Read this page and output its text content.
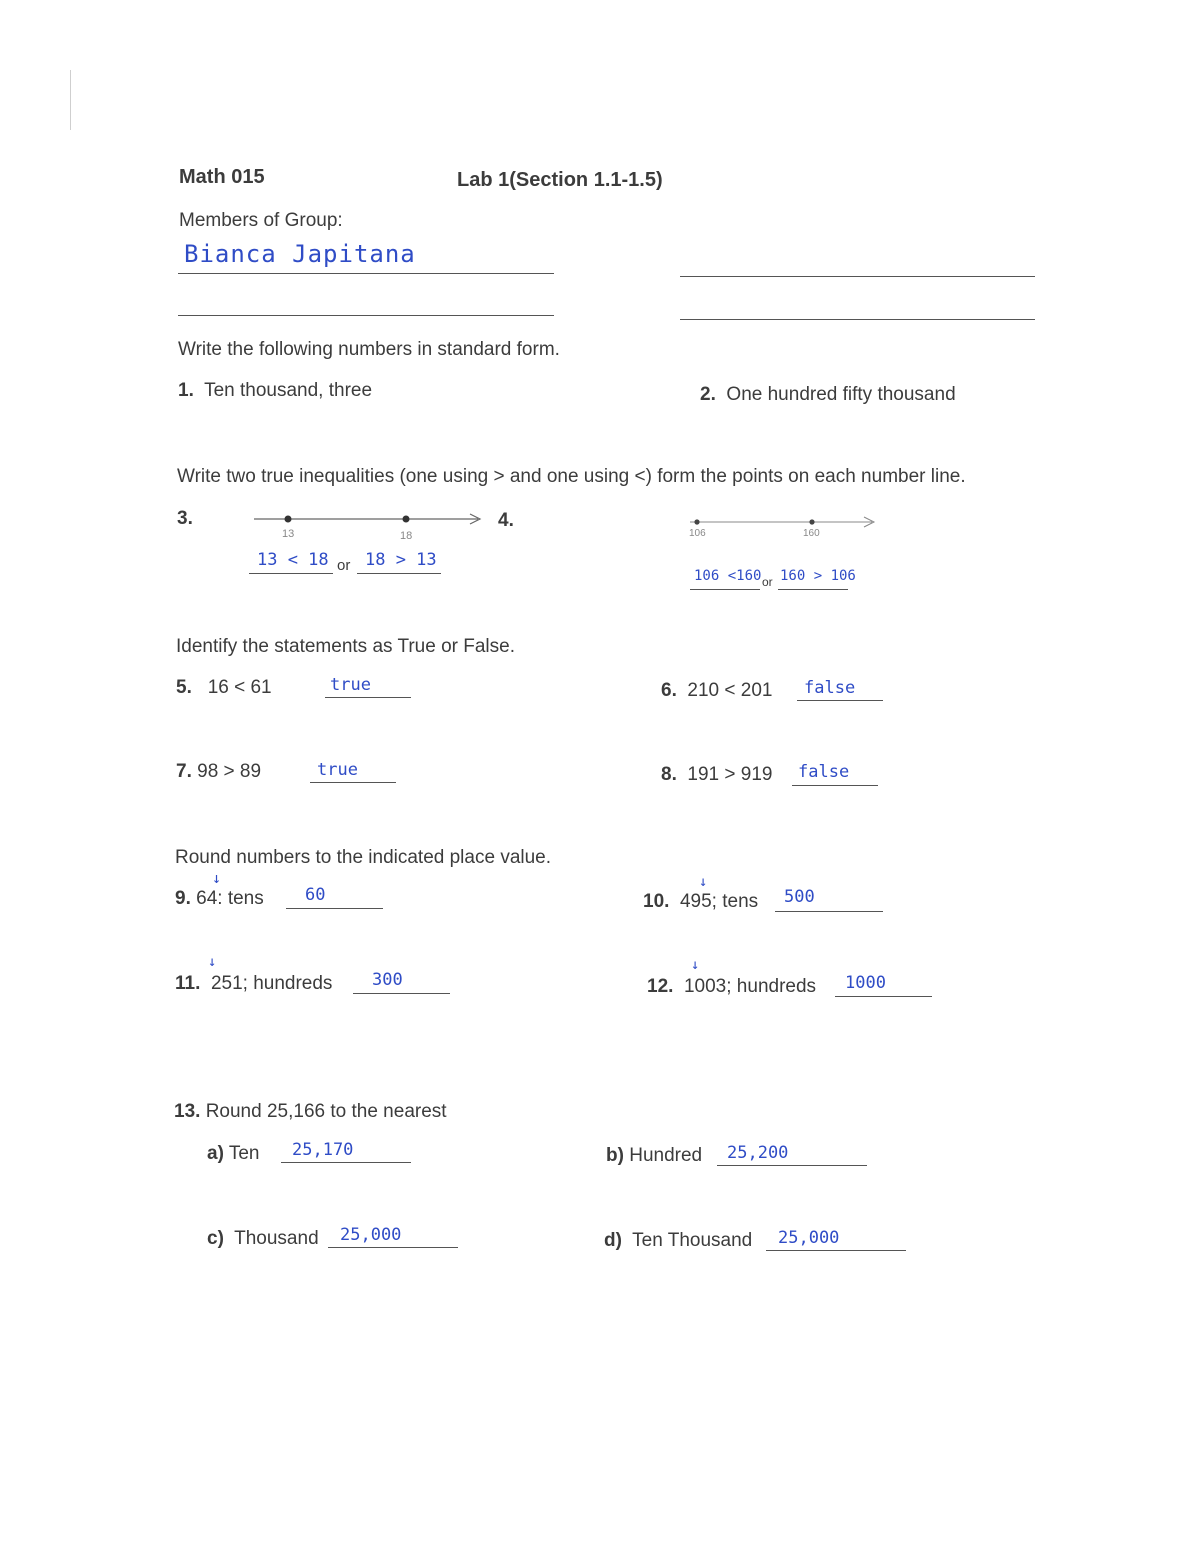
Math 015	Lab 1(Section 1.1-1.5)
Members of Group:
Bianca Japitana
Write the following numbers in standard form.
1. Ten thousand, three	2. One hundred fifty thousand
Write two true inequalities (one using > and one using <) form the points on each number line.
3.
13	18
13 < 18 or 18 > 13
4.
106	160
106 <160 or 160 > 106
Identify the statements as True or False.
5. 16 < 61	true	6. 210 < 201 false
7. 98 > 89	true	8. 191 > 919 false
Round numbers to the indicated place value.
↓
9. 64: tens 60
↓
10. 495; tens 500
↓
11. 251; hundreds 300
↓
12. 1003; hundreds 1000
13. Round 25,166 to the nearest
a) Ten 25,170	b) Hundred 25,200
c) Thousand 25,000	d) Ten Thousand 25,000
